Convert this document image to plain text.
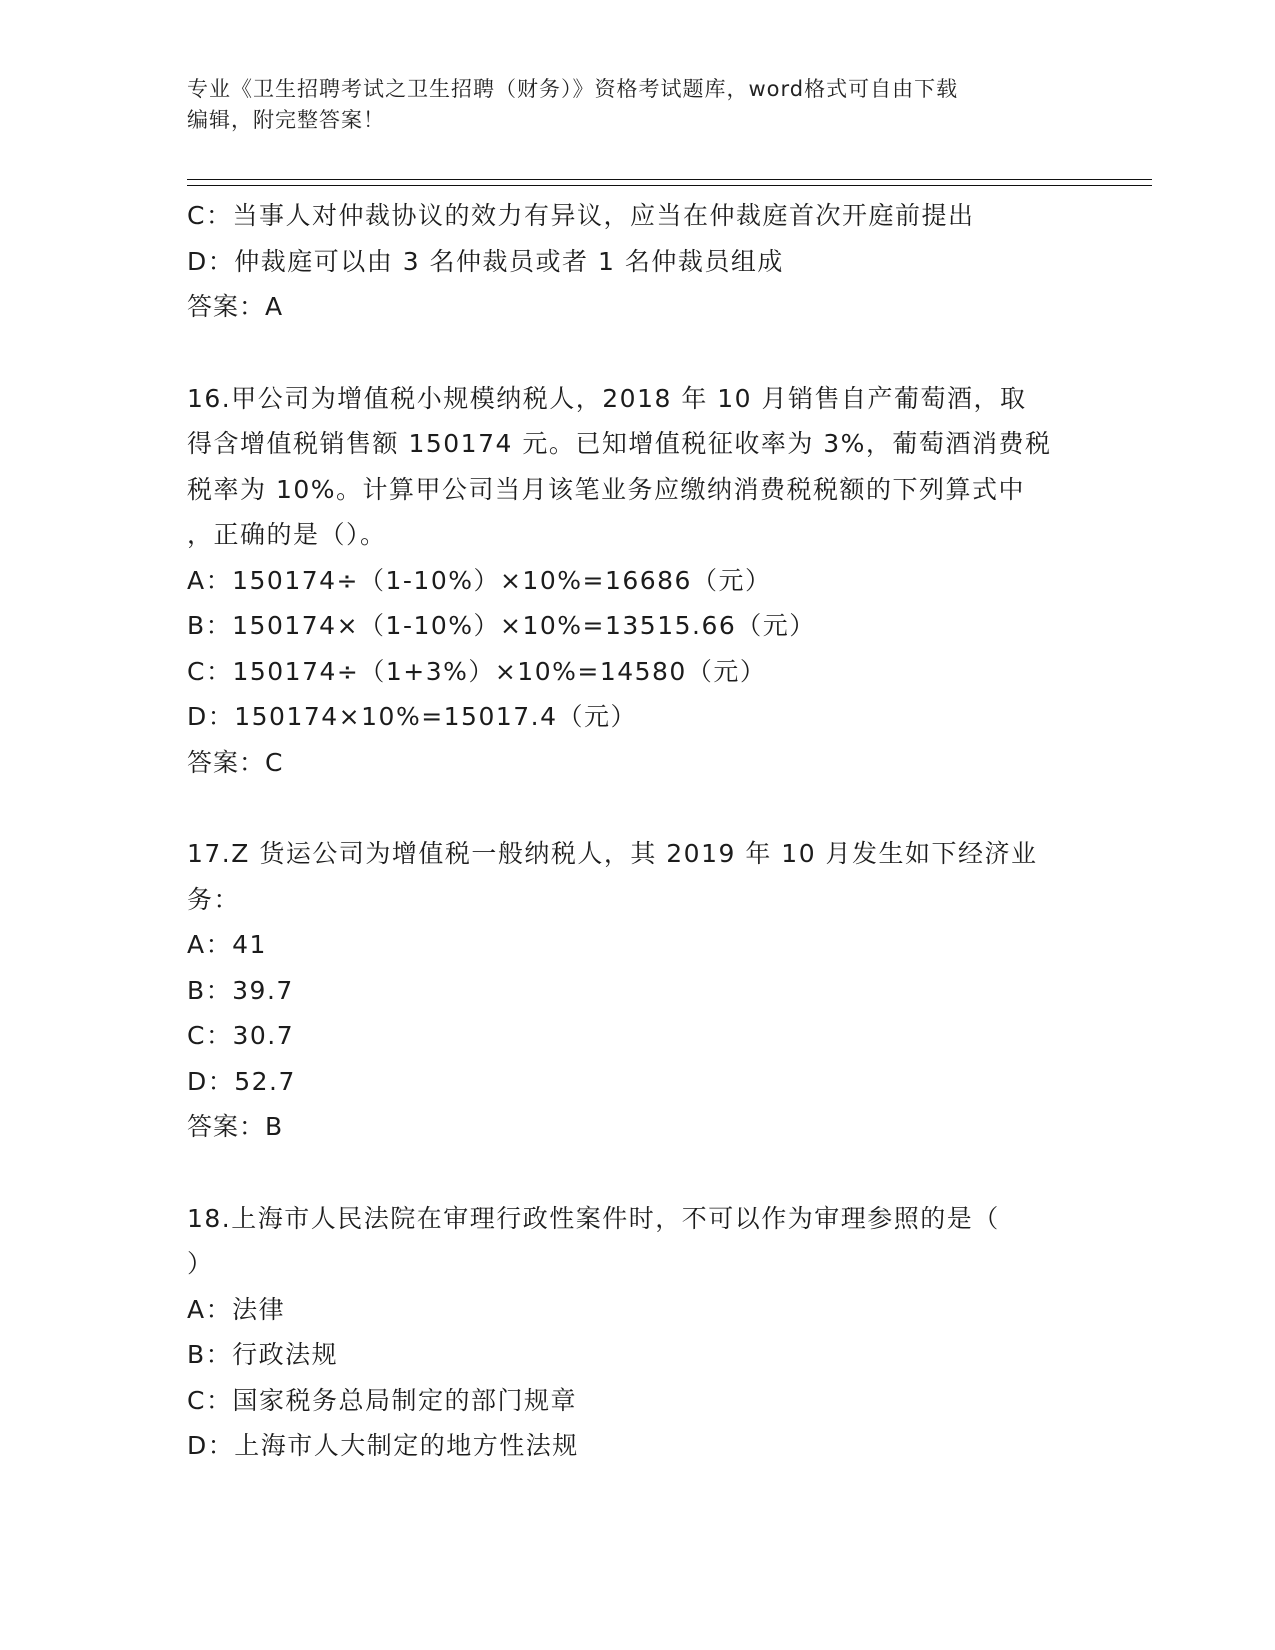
专业《卫生招聘考试之卫生招聘（财务）》资格考试题库，word格式可自由下载

编辑，附完整答案！

C：当事人对仲裁协议的效力有异议，应当在仲裁庭首次开庭前提出
D：仲裁庭可以由 3 名仲裁员或者 1 名仲裁员组成
答案：A
16.甲公司为增值税小规模纳税人，2018 年 10 月销售自产葡萄酒，取
得含增值税销售额 150174 元。已知增值税征收率为 3%，葡萄酒消费税
税率为 10%。计算甲公司当月该笔业务应缴纳消费税税额的下列算式中
，正确的是（）。
A：150174÷（1-10%）×10%=16686（元）
B：150174×（1-10%）×10%=13515.66（元）
C：150174÷（1+3%）×10%=14580（元）
D：150174×10%=15017.4（元）
答案：C
17.Z 货运公司为增值税一般纳税人，其 2019 年 10 月发生如下经济业
务：
A：41
B：39.7
C：30.7
D：52.7
答案：B
18.上海市人民法院在审理行政性案件时，不可以作为审理参照的是（
）
A：法律
B：行政法规
C：国家税务总局制定的部门规章
D：上海市人大制定的地方性法规
